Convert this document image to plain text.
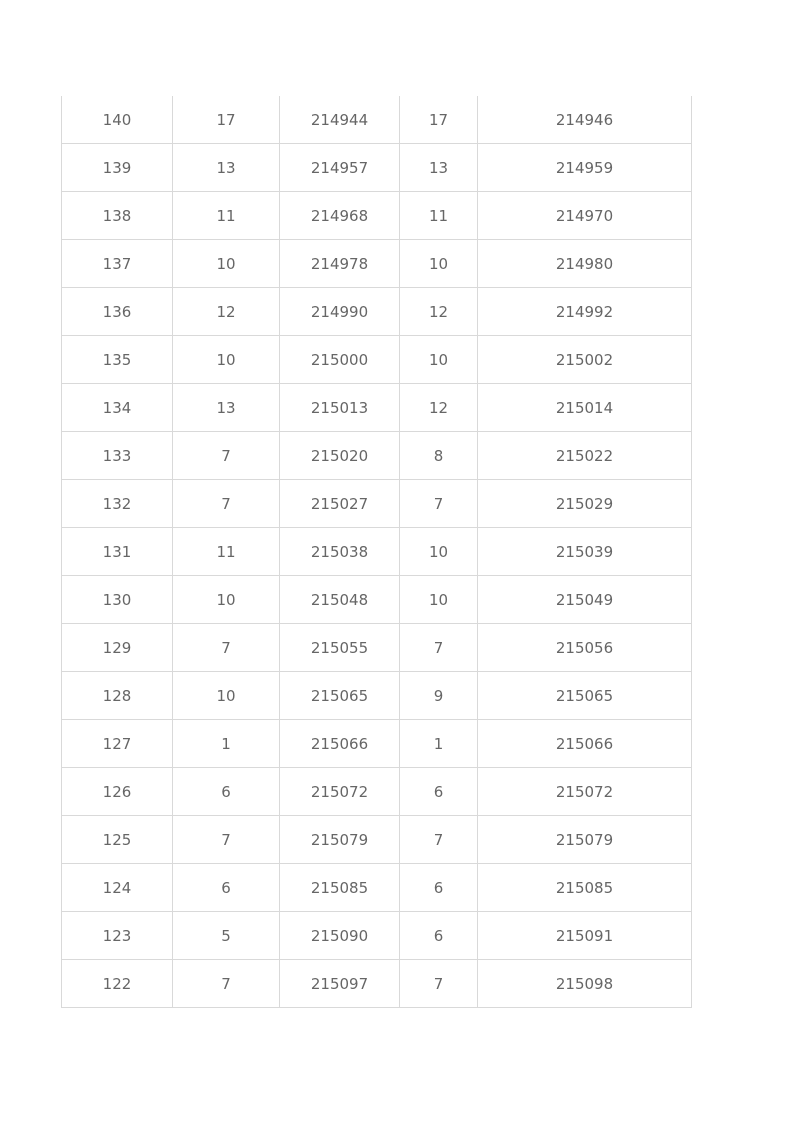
140	17	214944	17	214946
139	13	214957	13	214959
138	11	214968	11	214970
137	10	214978	10	214980
136	12	214990	12	214992
135	10	215000	10	215002
134	13	215013	12	215014
133	7	215020	8	215022
132	7	215027	7	215029
131	11	215038	10	215039
130	10	215048	10	215049
129	7	215055	7	215056
128	10	215065	9	215065
127	1	215066	1	215066
126	6	215072	6	215072
125	7	215079	7	215079
124	6	215085	6	215085
123	5	215090	6	215091
122	7	215097	7	215098
